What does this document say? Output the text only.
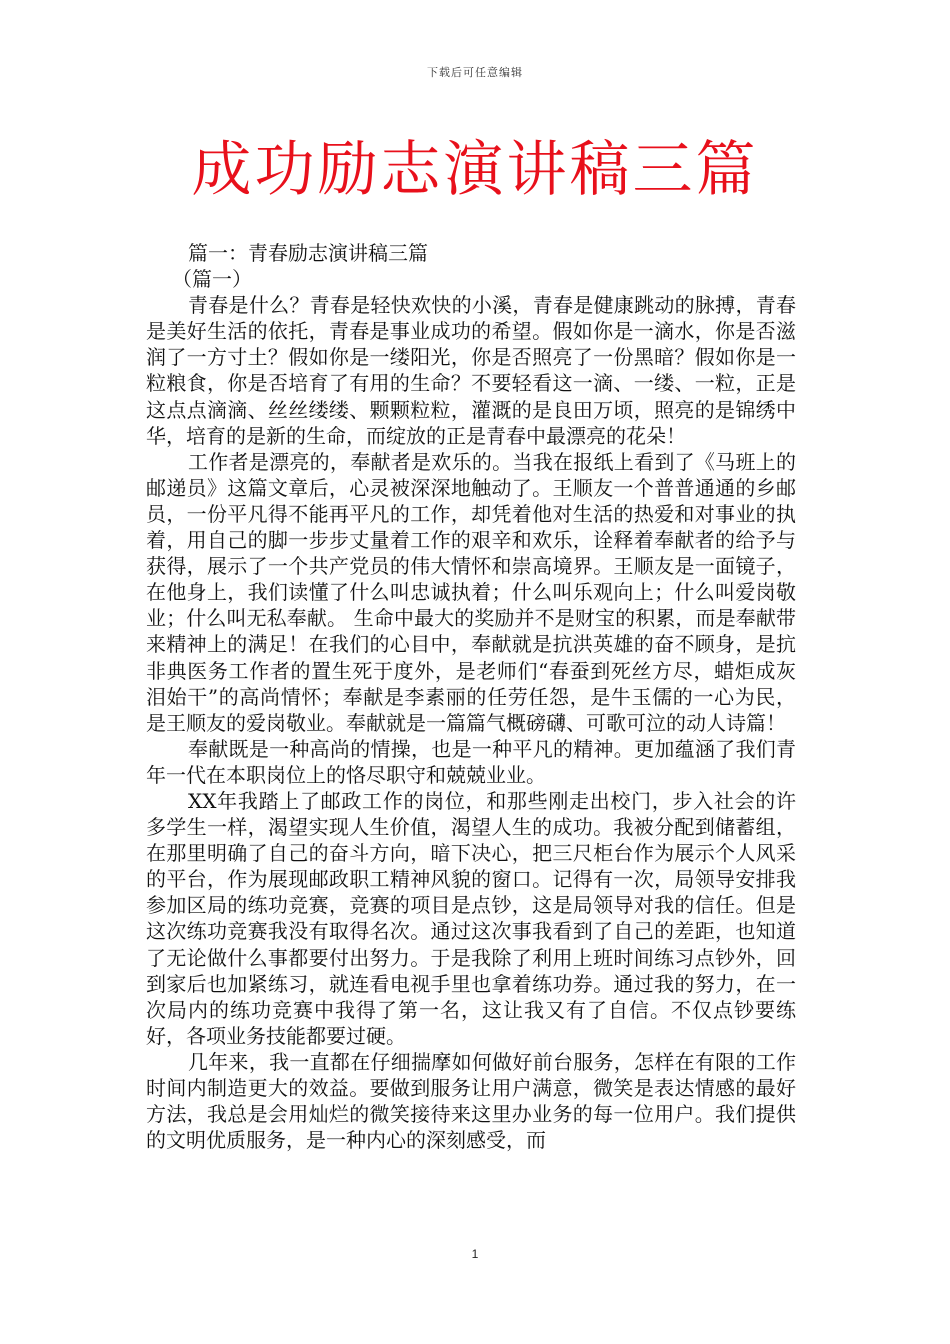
下载后可任意编辑
成功励志演讲稿三篇

篇一：青春励志演讲稿三篇

（篇一）

青春是什么？青春是轻快欢快的小溪，青春是健康跳动的脉搏，青春是美好生活的依托，青春是事业成功的希望。假如你是一滴水，你是否滋润了一方寸土？假如你是一缕阳光，你是否照亮了一份黑暗？假如你是一粒粮食，你是否培育了有用的生命？不要轻看这一滴、一缕、一粒，正是这点点滴滴、丝丝缕缕、颗颗粒粒，灌溉的是良田万顷，照亮的是锦绣中华，培育的是新的生命，而绽放的正是青春中最漂亮的花朵！

工作者是漂亮的，奉献者是欢乐的。当我在报纸上看到了《马班上的邮递员》这篇文章后，心灵被深深地触动了。王顺友一个普普通通的乡邮员，一份平凡得不能再平凡的工作，却凭着他对生活的热爱和对事业的执着，用自己的脚一步步丈量着工作的艰辛和欢乐，诠释着奉献者的给予与获得，展示了一个共产党员的伟大情怀和崇高境界。王顺友是一面镜子，在他身上，我们读懂了什么叫忠诚执着；什么叫乐观向上；什么叫爱岗敬业；什么叫无私奉献。 生命中最大的奖励并不是财宝的积累，而是奉献带来精神上的满足！在我们的心目中，奉献就是抗洪英雄的奋不顾身，是抗非典医务工作者的置生死于度外，是老师们“春蚕到死丝方尽，蜡炬成灰泪始干”的高尚情怀；奉献是李素丽的任劳任怨，是牛玉儒的一心为民，是王顺友的爱岗敬业。奉献就是一篇篇气概磅礴、可歌可泣的动人诗篇！

奉献既是一种高尚的情操，也是一种平凡的精神。更加蕴涵了我们青年一代在本职岗位上的恪尽职守和兢兢业业。

XX年我踏上了邮政工作的岗位，和那些刚走出校门，步入社会的许多学生一样，渴望实现人生价值，渴望人生的成功。我被分配到储蓄组，在那里明确了自己的奋斗方向，暗下决心，把三尺柜台作为展示个人风采的平台，作为展现邮政职工精神风貌的窗口。记得有一次，局领导安排我参加区局的练功竞赛，竞赛的项目是点钞，这是局领导对我的信任。但是这次练功竞赛我没有取得名次。通过这次事我看到了自己的差距，也知道了无论做什么事都要付出努力。于是我除了利用上班时间练习点钞外，回到家后也加紧练习，就连看电视手里也拿着练功券。通过我的努力，在一次局内的练功竞赛中我得了第一名，这让我又有了自信。不仅点钞要练好，各项业务技能都要过硬。

几年来，我一直都在仔细揣摩如何做好前台服务，怎样在有限的工作时间内制造更大的效益。要做到服务让用户满意，微笑是表达情感的最好方法，我总是会用灿烂的微笑接待来这里办业务的每一位用户。我们提供的文明优质服务，是一种内心的深刻感受，而

1
